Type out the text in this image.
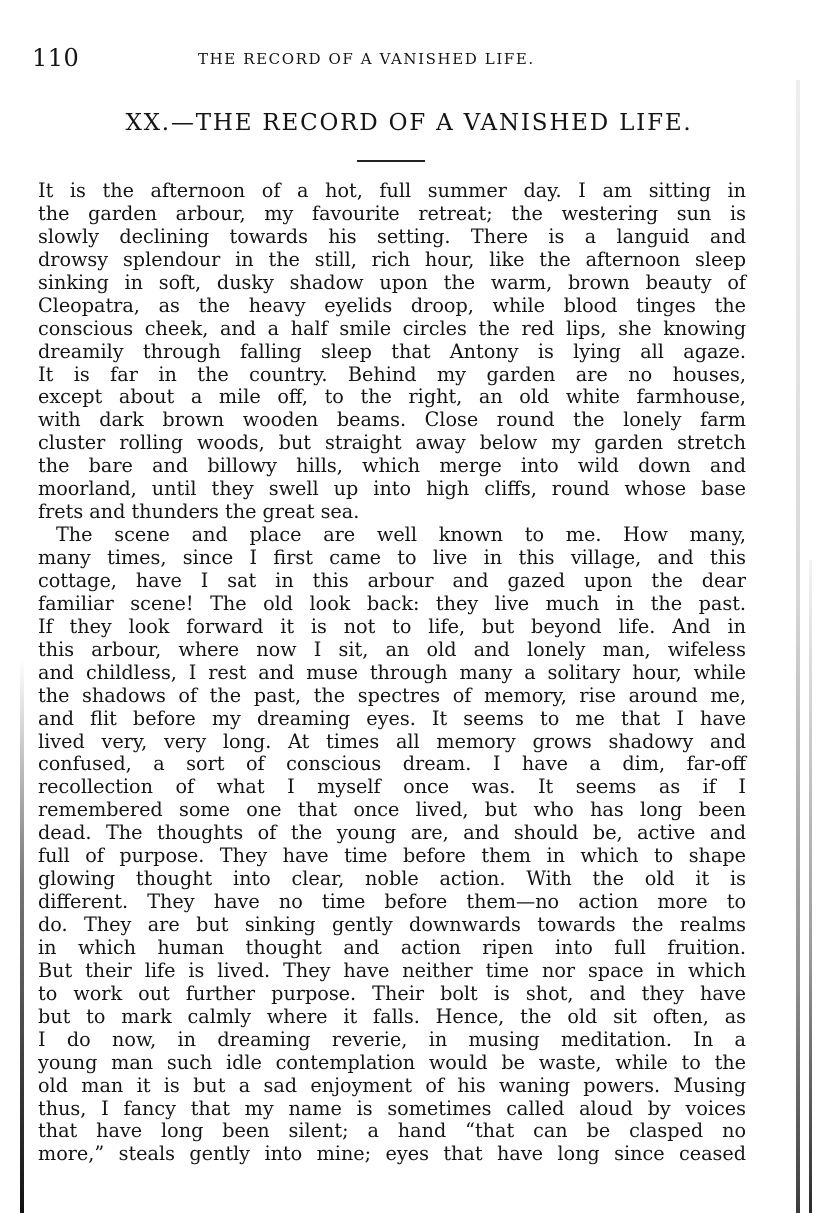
110	THE RECORD OF A VANISHED LIFE.
XX.—THE RECORD OF A VANISHED LIFE.
It is the afternoon of a hot, full summer day. I am sitting in
the garden arbour, my favourite retreat; the westering sun is
slowly declining towards his setting. There is a languid and
drowsy splendour in the still, rich hour, like the afternoon sleep
sinking in soft, dusky shadow upon the warm, brown beauty of
Cleopatra, as the heavy eyelids droop, while blood tinges the
conscious cheek, and a half smile circles the red lips, she knowing
dreamily through falling sleep that Antony is lying all agaze.
It is far in the country. Behind my garden are no houses,
except about a mile off, to the right, an old white farmhouse,
with dark brown wooden beams. Close round the lonely farm
cluster rolling woods, but straight away below my garden stretch
the bare and billowy hills, which merge into wild down and
moorland, until they swell up into high cliffs, round whose base
frets and thunders the great sea.
The scene and place are well known to me. How many,
many times, since I first came to live in this village, and this
cottage, have I sat in this arbour and gazed upon the dear
familiar scene! The old look back: they live much in the past.
If they look forward it is not to life, but beyond life. And in
this arbour, where now I sit, an old and lonely man, wifeless
and childless, I rest and muse through many a solitary hour, while
the shadows of the past, the spectres of memory, rise around me,
and flit before my dreaming eyes. It seems to me that I have
lived very, very long. At times all memory grows shadowy and
confused, a sort of conscious dream. I have a dim, far-off
recollection of what I myself once was. It seems as if I
remembered some one that once lived, but who has long been
dead. The thoughts of the young are, and should be, active and
full of purpose. They have time before them in which to shape
glowing thought into clear, noble action. With the old it is
different. They have no time before them—no action more to
do. They are but sinking gently downwards towards the realms
in which human thought and action ripen into full fruition.
But their life is lived. They have neither time nor space in which
to work out further purpose. Their bolt is shot, and they have
but to mark calmly where it falls. Hence, the old sit often, as
I do now, in dreaming reverie, in musing meditation. In a
young man such idle contemplation would be waste, while to the
old man it is but a sad enjoyment of his waning powers. Musing
thus, I fancy that my name is sometimes called aloud by voices
that have long been silent; a hand “that can be clasped no
more,” steals gently into mine; eyes that have long since ceased
